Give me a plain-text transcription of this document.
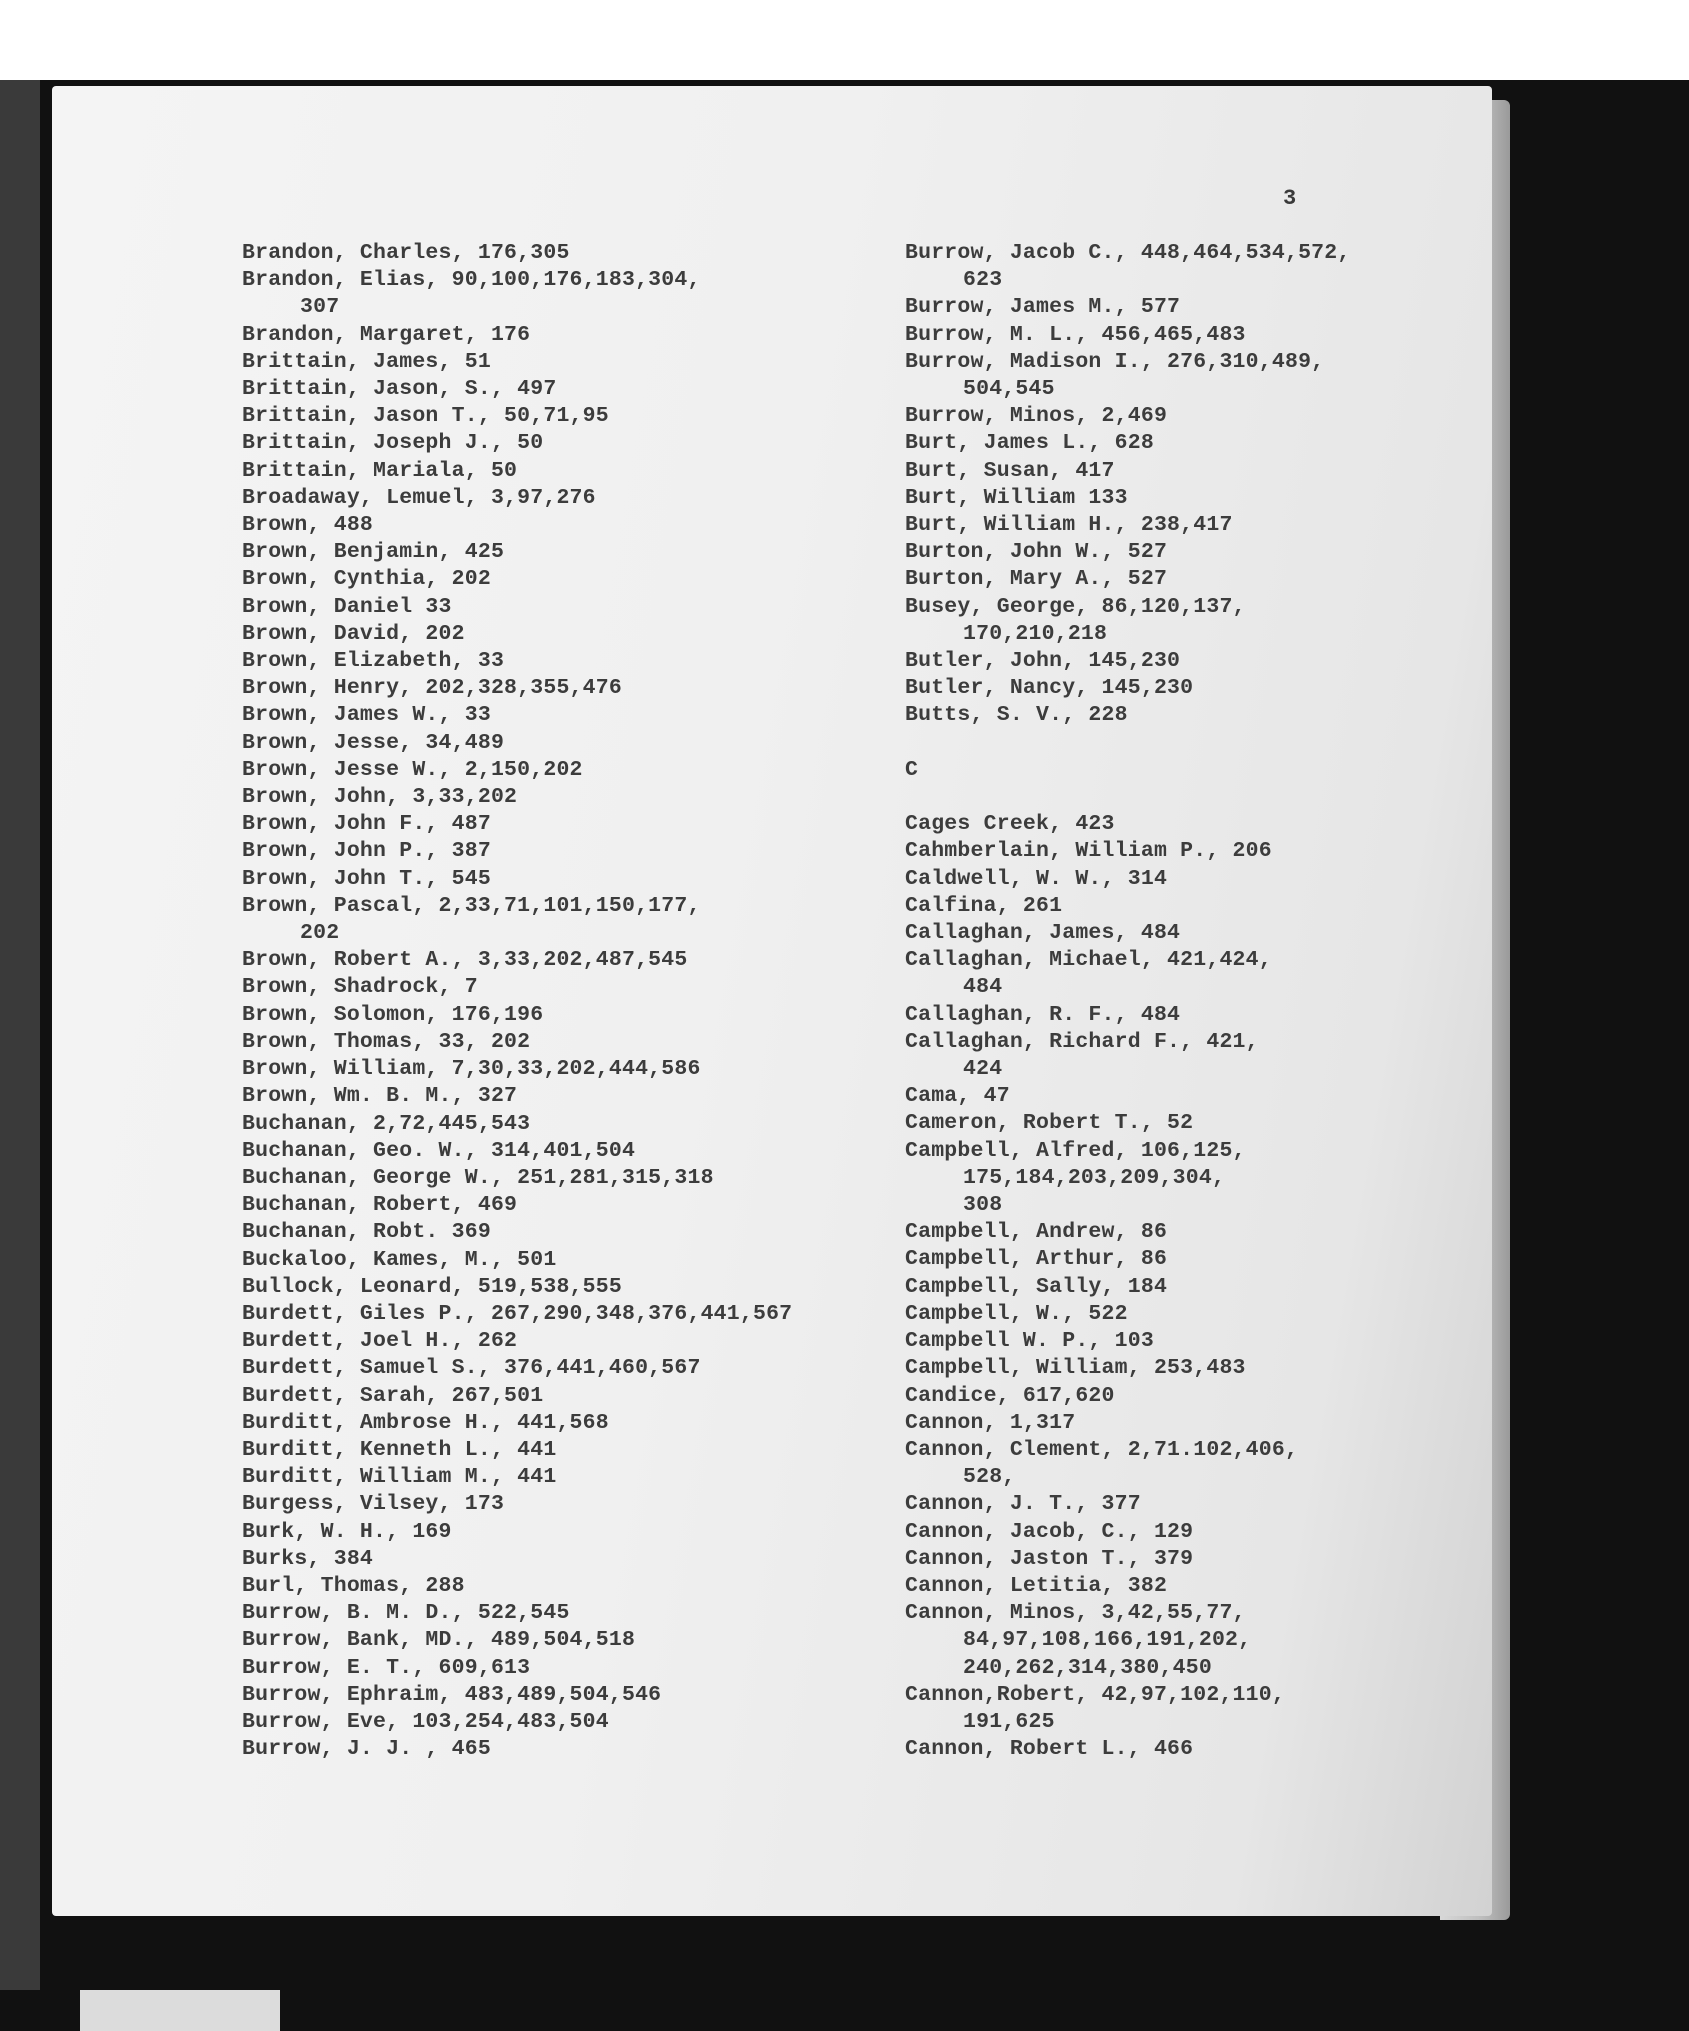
3
Brandon, Charles, 176,305
Brandon, Elias, 90,100,176,183,304,
307
Brandon, Margaret, 176
Brittain, James, 51
Brittain, Jason, S., 497
Brittain, Jason T., 50,71,95
Brittain, Joseph J., 50
Brittain, Mariala, 50
Broadaway, Lemuel, 3,97,276
Brown, 488
Brown, Benjamin, 425
Brown, Cynthia, 202
Brown, Daniel 33
Brown, David, 202
Brown, Elizabeth, 33
Brown, Henry, 202,328,355,476
Brown, James W., 33
Brown, Jesse, 34,489
Brown, Jesse W., 2,150,202
Brown, John, 3,33,202
Brown, John F., 487
Brown, John P., 387
Brown, John T., 545
Brown, Pascal, 2,33,71,101,150,177,
202
Brown, Robert A., 3,33,202,487,545
Brown, Shadrock, 7
Brown, Solomon, 176,196
Brown, Thomas, 33, 202
Brown, William, 7,30,33,202,444,586
Brown, Wm. B. M., 327
Buchanan, 2,72,445,543
Buchanan, Geo. W., 314,401,504
Buchanan, George W., 251,281,315,318
Buchanan, Robert, 469
Buchanan, Robt. 369
Buckaloo, Kames, M., 501
Bullock, Leonard, 519,538,555
Burdett, Giles P., 267,290,348,376,441,567
Burdett, Joel H., 262
Burdett, Samuel S., 376,441,460,567
Burdett, Sarah, 267,501
Burditt, Ambrose H., 441,568
Burditt, Kenneth L., 441
Burditt, William M., 441
Burgess, Vilsey, 173
Burk, W. H., 169
Burks, 384
Burl, Thomas, 288
Burrow, B. M. D., 522,545
Burrow, Bank, MD., 489,504,518
Burrow, E. T., 609,613
Burrow, Ephraim, 483,489,504,546
Burrow, Eve, 103,254,483,504
Burrow, J. J. , 465
Burrow, Jacob C., 448,464,534,572,
623
Burrow, James M., 577
Burrow, M. L., 456,465,483
Burrow, Madison I., 276,310,489,
504,545
Burrow, Minos, 2,469
Burt, James L., 628
Burt, Susan, 417
Burt, William 133
Burt, William H., 238,417
Burton, John W., 527
Burton, Mary A., 527
Busey, George, 86,120,137,
170,210,218
Butler, John, 145,230
Butler, Nancy, 145,230
Butts, S. V., 228
C
Cages Creek, 423
Cahmberlain, William P., 206
Caldwell, W. W., 314
Calfina, 261
Callaghan, James, 484
Callaghan, Michael, 421,424,
484
Callaghan, R. F., 484
Callaghan, Richard F., 421,
424
Cama, 47
Cameron, Robert T., 52
Campbell, Alfred, 106,125,
175,184,203,209,304,
308
Campbell, Andrew, 86
Campbell, Arthur, 86
Campbell, Sally, 184
Campbell, W., 522
Campbell W. P., 103
Campbell, William, 253,483
Candice, 617,620
Cannon, 1,317
Cannon, Clement, 2,71.102,406,
528,
Cannon, J. T., 377
Cannon, Jacob, C., 129
Cannon, Jaston T., 379
Cannon, Letitia, 382
Cannon, Minos, 3,42,55,77,
84,97,108,166,191,202,
240,262,314,380,450
Cannon,Robert, 42,97,102,110,
191,625
Cannon, Robert L., 466
